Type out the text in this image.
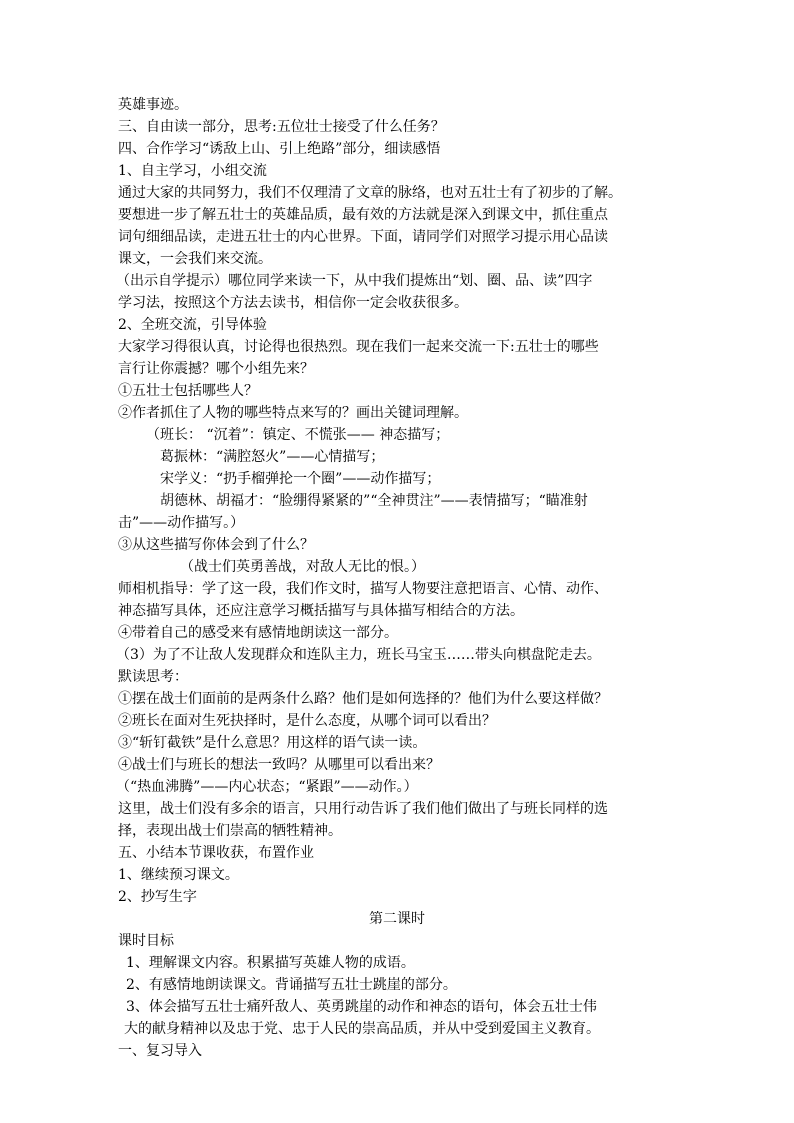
英雄事迹。
三、自由读一部分，思考:五位壮士接受了什么任务？
四、合作学习“诱敌上山、引上绝路”部分，细读感悟
1、自主学习，小组交流
通过大家的共同努力，我们不仅理清了文章的脉络，也对五壮士有了初步的了解。
要想进一步了解五壮士的英雄品质，最有效的方法就是深入到课文中，抓住重点
词句细细品读，走进五壮士的内心世界。下面，请同学们对照学习提示用心品读
课文，一会我们来交流。
（出示自学提示）哪位同学来读一下，从中我们提炼出“划、圈、品、读”四字
学习法，按照这个方法去读书，相信你一定会收获很多。
2、全班交流，引导体验
大家学习得很认真，讨论得也很热烈。现在我们一起来交流一下:五壮士的哪些
言行让你震撼？哪个小组先来？
①五壮士包括哪些人？
②作者抓住了人物的哪些特点来写的？画出关键词理解。
（班长： “沉着”：镇定、不慌张—— 神态描写；
葛振林：“满腔怒火”——心情描写；
宋学义：“扔手榴弹抡一个圈”——动作描写；
胡德林、胡福才：“脸绷得紧紧的”“全神贯注”——表情描写；“瞄准射
击”——动作描写。）
③从这些描写你体会到了什么？
（战士们英勇善战，对敌人无比的恨。）
师相机指导：学了这一段，我们作文时，描写人物要注意把语言、心情、动作、
神态描写具体，还应注意学习概括描写与具体描写相结合的方法。
④带着自己的感受来有感情地朗读这一部分。
（3）为了不让敌人发现群众和连队主力，班长马宝玉……带头向棋盘陀走去。
默读思考：
①摆在战士们面前的是两条什么路？他们是如何选择的？他们为什么要这样做？
②班长在面对生死抉择时，是什么态度，从哪个词可以看出？
③“斩钉截铁”是什么意思？用这样的语气读一读。
④战士们与班长的想法一致吗？从哪里可以看出来？
（“热血沸腾”——内心状态；“紧跟”——动作。）
这里，战士们没有多余的语言，只用行动告诉了我们他们做出了与班长同样的选
择，表现出战士们崇高的牺牲精神。
五、小结本节课收获，布置作业
1、继续预习课文。
2、抄写生字
第二课时
课时目标
1、理解课文内容。积累描写英雄人物的成语。
2、有感情地朗读课文。背诵描写五壮士跳崖的部分。
3、体会描写五壮士痛歼敌人、英勇跳崖的动作和神态的语句，体会五壮士伟
大的献身精神以及忠于党、忠于人民的崇高品质，并从中受到爱国主义教育。
一、复习导入
